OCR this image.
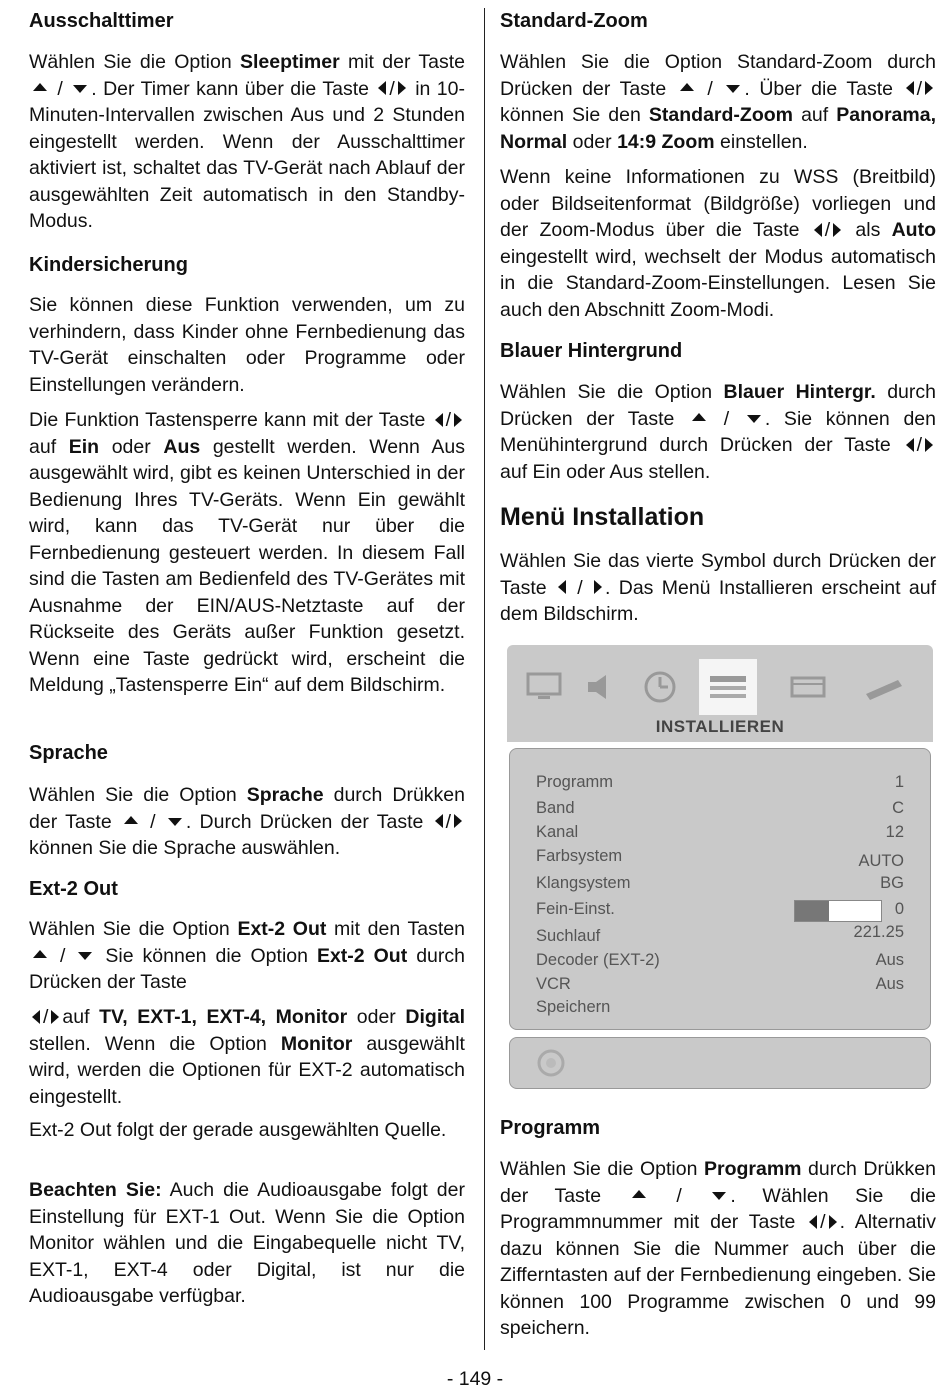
Ausschalttimer

Wählen Sie die Option Sleeptimer mit der Taste  / . Der Timer kann über die Taste / in 10-Minuten-Intervallen zwischen Aus und 2 Stunden eingestellt werden. Wenn der Ausschalttimer aktiviert ist, schaltet das TV-Gerät nach Ablauf der ausgewählten Zeit automatisch in den Standby-Modus.

Kindersicherung

Sie können diese Funktion verwenden, um zu verhindern, dass Kinder ohne Fernbedienung das TV-Gerät einschalten oder Programme oder Einstellungen verändern.

Die Funktion Tastensperre kann mit der Taste / auf Ein oder Aus gestellt werden. Wenn Aus ausgewählt wird, gibt es keinen Unterschied in der Bedienung Ihres TV-Geräts. Wenn Ein gewählt wird, kann das TV-Gerät nur über die Fernbedienung gesteuert werden. In diesem Fall sind die Tasten am Bedienfeld des TV-Gerätes mit Ausnahme der EIN/AUS-Netztaste auf der Rückseite des Geräts außer Funktion gesetzt. Wenn eine Taste gedrückt wird, erscheint die Meldung „Tastensperre Ein“ auf dem Bildschirm.

Sprache

Wählen Sie die Option Sprache durch Drükken der Taste  / . Durch Drücken der Taste / können Sie die Sprache auswählen.

Ext-2 Out

Wählen Sie die Option Ext-2 Out mit den Tasten  /  Sie können die Option Ext-2 Out durch Drücken der Taste

/ auf TV, EXT-1, EXT-4, Monitor oder Digital stellen. Wenn die Option Monitor ausgewählt wird, werden die Optionen für EXT-2 automatisch eingestellt.

Ext-2 Out folgt der gerade ausgewählten Quelle.

Beachten Sie: Auch die Audioausgabe folgt der Einstellung für EXT-1 Out. Wenn Sie die Option Monitor wählen und die Eingabequelle nicht TV, EXT-1, EXT-4 oder Digital, ist nur die Audioausgabe verfügbar.

Standard-Zoom

Wählen Sie die Option Standard-Zoom durch Drücken der Taste  / . Über die Taste / können Sie den Standard-Zoom auf Panorama, Normal oder 14:9 Zoom einstellen.

Wenn keine Informationen zu WSS (Breitbild) oder Bildseitenformat (Bildgröße) vorliegen und der Zoom-Modus über die Taste / als Auto eingestellt wird, wechselt der Modus automatisch in die Standard-Zoom-Einstellungen. Lesen Sie auch den Abschnitt Zoom-Modi.

Blauer Hintergrund

Wählen Sie die Option Blauer Hintergr. durch Drücken der Taste  / . Sie können den Menühintergrund durch Drücken der Taste / auf Ein oder Aus stellen.

Menü Installation

Wählen Sie das vierte Symbol durch Drücken der Taste  / . Das Menü Installieren erscheint auf dem Bildschirm.

Programm

Wählen Sie die Option Programm durch Drükken der Taste  / . Wählen Sie die Programmnummer mit der Taste / . Alternativ dazu können Sie die Nummer auch über die Zifferntasten auf der Fernbedienung eingeben. Sie können 100 Programme zwischen 0 und 99 speichern.

INSTALLIEREN
Programm	1
Band	C
Kanal	12
Farbsystem	AUTO
Klangsystem	BG
Fein-Einst.	0
Suchlauf	221.25
Decoder (EXT-2)	Aus
VCR	Aus
Speichern
- 149 -
